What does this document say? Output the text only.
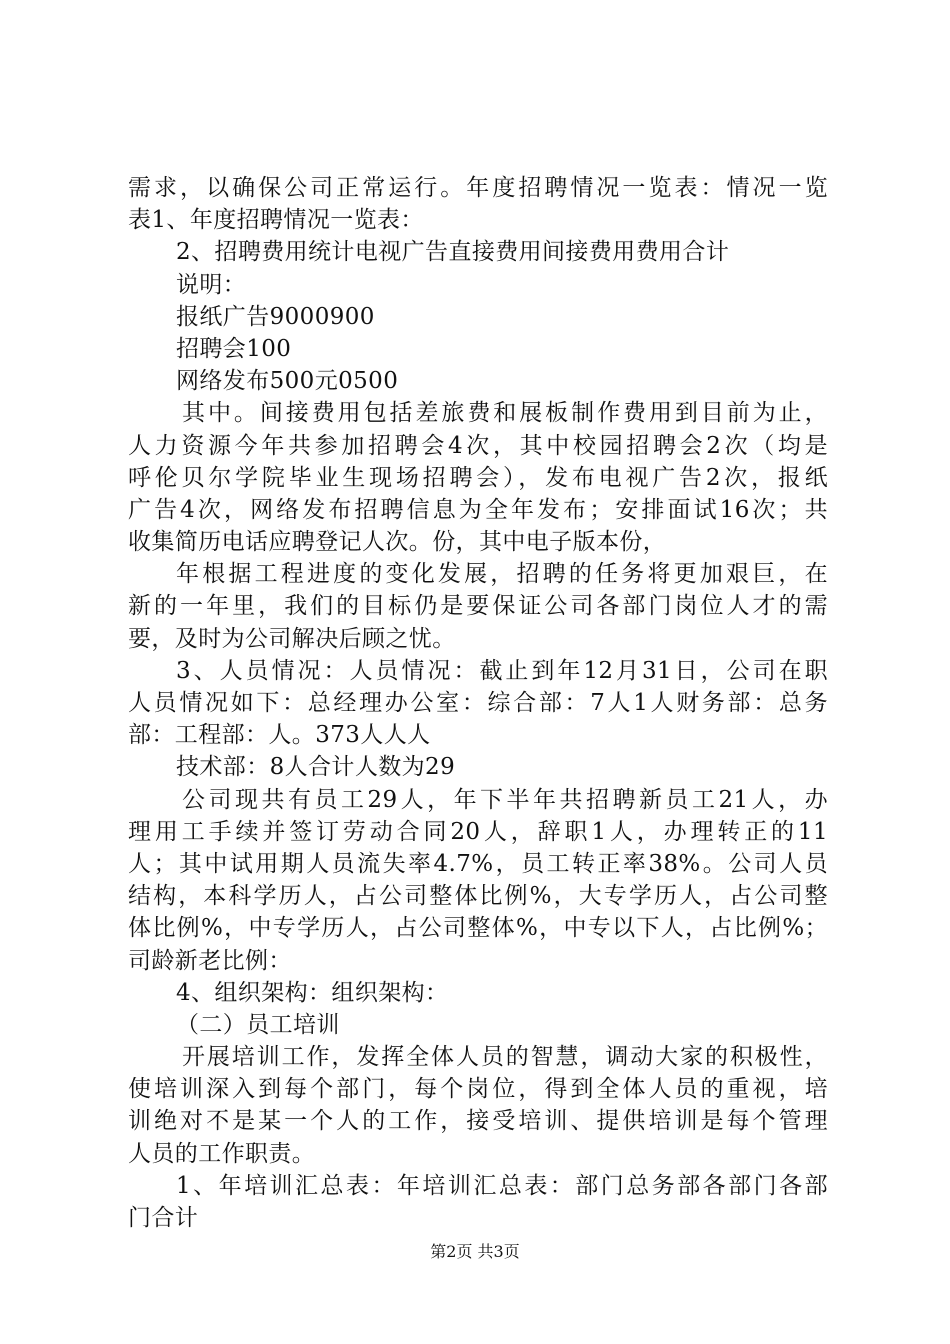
需求，以确保公司正常运行。年度招聘情况一览表：情况一览
表1、年度招聘情况一览表：
2、招聘费用统计电视广告直接费用间接费用费用合计
说明：
报纸广告9000900
招聘会100
网络发布500元0500
其中。间接费用包括差旅费和展板制作费用到目前为止，
人力资源今年共参加招聘会4次，其中校园招聘会2次（均是
呼伦贝尔学院毕业生现场招聘会），发布电视广告2次，报纸
广告4次，网络发布招聘信息为全年发布；安排面试16次；共
收集简历电话应聘登记人次。份，其中电子版本份，
年根据工程进度的变化发展，招聘的任务将更加艰巨，在
新的一年里，我们的目标仍是要保证公司各部门岗位人才的需
要，及时为公司解决后顾之忧。
3、人员情况：人员情况：截止到年12月31日，公司在职
人员情况如下：总经理办公室：综合部：7人1人财务部：总务
部：工程部：人。373人人人
技术部：8人合计人数为29
公司现共有员工29人，年下半年共招聘新员工21人，办
理用工手续并签订劳动合同20人，辞职1人，办理转正的11
人；其中试用期人员流失率4.7%，员工转正率38%。公司人员
结构，本科学历人，占公司整体比例%，大专学历人，占公司整
体比例%，中专学历人，占公司整体%，中专以下人，占比例%；
司龄新老比例：
4、组织架构：组织架构：
（二）员工培训
开展培训工作，发挥全体人员的智慧，调动大家的积极性，
使培训深入到每个部门，每个岗位，得到全体人员的重视，培
训绝对不是某一个人的工作，接受培训、提供培训是每个管理
人员的工作职责。
1、年培训汇总表：年培训汇总表：部门总务部各部门各部
门合计
第2页 共3页
